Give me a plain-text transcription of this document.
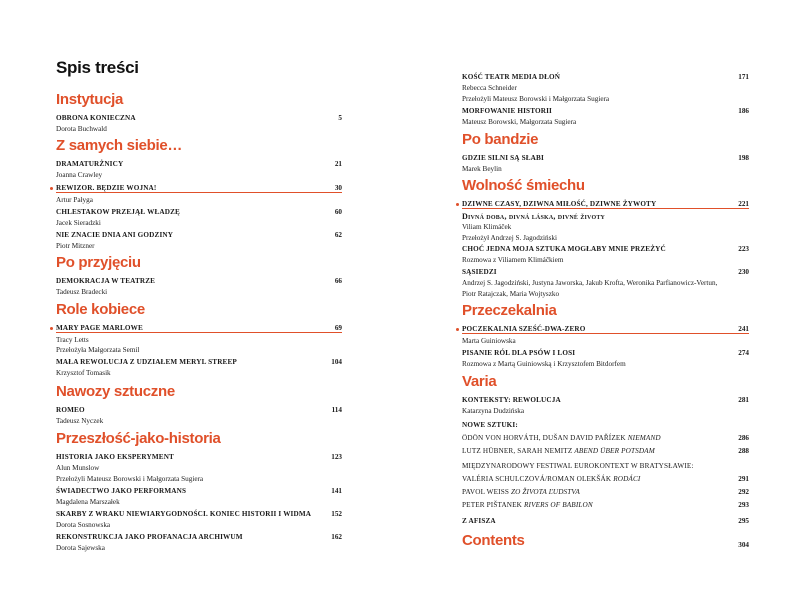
Spis treści
Instytucja
OBRONA KONIECZNA	5
Dorota Buchwald
Z samych siebie…
DRAMATURŻNICY	21
Joanna Crawley
REWIZOR. BĘDZIE WOJNA!	30
Artur Pałyga
CHLESTAKOW PRZEJĄŁ WŁADZĘ	60
Jacek Sieradzki
NIE ZNACIE DNIA ANI GODZINY	62
Piotr Mitzner
Po przyjęciu
DEMOKRACJA W TEATRZE	66
Tadeusz Bradecki
Role kobiece
MARY PAGE MARLOWE	69
Tracy Letts
Przełożyła Małgorzata Semil
MAŁA REWOLUCJA Z UDZIAŁEM MERYL STREEP	104
Krzysztof Tomasik
Nawozy sztuczne
ROMEO	114
Tadeusz Nyczek
Przeszłość-jako-historia
HISTORIA JAKO EKSPERYMENT	123
Alun Munslow
Przełożyli Mateusz Borowski i Małgorzata Sugiera
ŚWIADECTWO JAKO PERFORMANS	141
Magdalena Marszałek
SKARBY Z WRAKU NIEWIARYGODNOŚCI. KONIEC HISTORII I WIDMA	152
Dorota Sosnowska
REKONSTRUKCJA JAKO PROFANACJA ARCHIWUM	162
Dorota Sajewska
KOŚĆ TEATR MEDIA DŁOŃ	171
Rebecca Schneider
Przełożyli Mateusz Borowski i Małgorzata Sugiera
MORFOWANIE HISTORII	186
Mateusz Borowski, Małgorzata Sugiera
Po bandzie
GDZIE SILNI SĄ SŁABI	198
Marek Beylin
Wolność śmiechu
DZIWNE CZASY, DZIWNA MIŁOŚĆ, DZIWNE ŻYWOTY	221
Divná doba, divná láska, divné životy
Viliam Klimáček
Przełożył Andrzej S. Jagodziński
CHOĆ JEDNA MOJA SZTUKA MOGŁABY MNIE PRZEŻYĆ	223
Rozmowa z Viliamem Klimáčkiem
SĄSIEDZI	230
Andrzej S. Jagodziński, Justyna Jaworska, Jakub Krofta, Weronika Parfianowicz-Vertun,
Piotr Ratajczak, Maria Wojtyszko
Przeczekalnia
POCZEKALNIA SZEŚĆ-DWA-ZERO	241
Marta Guiniowska
PISANIE RÓL DLA PSÓW I LOSI	274
Rozmowa z Martą Guiniowską i Krzysztofem Bitdorfem
Varia
KONTEKSTY: REWOLUCJA	281
Katarzyna Dudzińska
NOWE SZTUKI:
ÖDÖN VON HORVÁTH, DUŠAN DAVID PAŘÍZEK NIEMAND	286
LUTZ HÜBNER, SARAH NEMITZ ABEND ÜBER POTSDAM	288
MIĘDZYNARODOWY FESTIWAL EUROKONTEXT W BRATYSŁAWIE:
VALÉRIA SCHULCZOVÁ/ROMAN OLEKŠÁK RODÁCI	291
PAVOL WEISS ZO ŽIVOTA ĽUDSTVA	292
PETER PIŠTANEK RIVERS OF BABILON	293
Z AFISZA	295
Contents	304
